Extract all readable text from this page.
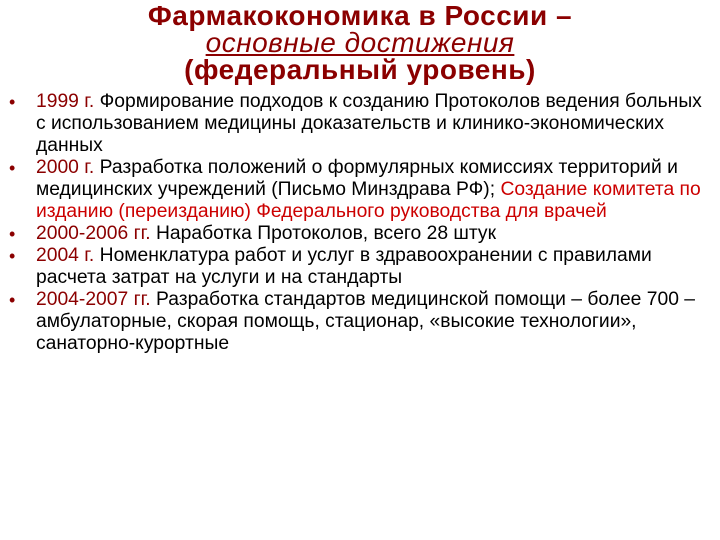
Фармакокономика в России –
основные достижения
(федеральный уровень)
• 1999 г. Формирование подходов к созданию Протоколов ведения больных с использованием медицины доказательств и клинико-экономических данных
• 2000 г. Разработка положений о формулярных комиссиях территорий и медицинских учреждений (Письмо Минздрава РФ); Создание комитета по изданию (переизданию) Федерального руководства для врачей
• 2000-2006 гг. Наработка Протоколов, всего 28 штук
• 2004 г. Номенклатура работ и услуг в здравоохранении с правилами расчета затрат на услуги и на стандарты
• 2004-2007 гг. Разработка стандартов медицинской помощи – более 700 – амбулаторные, скорая помощь, стационар, «высокие технологии», санаторно-курортные
